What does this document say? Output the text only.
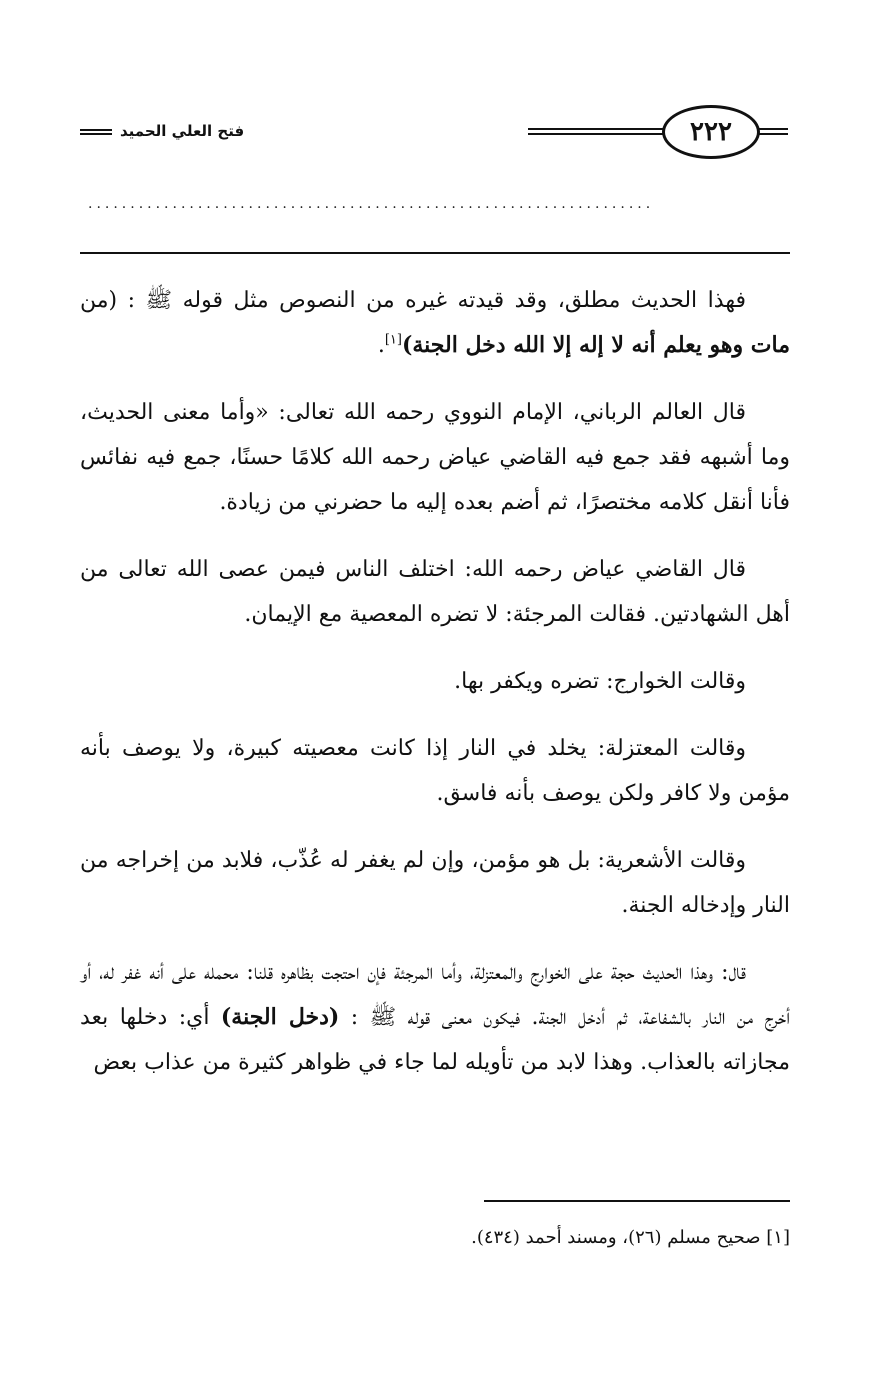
فتح العلي الحميد	٢٢٢
...................................................................

فهذا الحديث مطلق، وقد قيدته غيره من النصوص مثل قوله ﷺ : (من مات وهو يعلم أنه لا إله إلا الله دخل الجنة)[١].

قال العالم الرباني، الإمام النووي رحمه الله تعالى: «وأما معنى الحديث، وما أشبهه فقد جمع فيه القاضي عياض رحمه الله كلامًا حسنًا، جمع فيه نفائس فأنا أنقل كلامه مختصرًا، ثم أضم بعده إليه ما حضرني من زيادة.

قال القاضي عياض رحمه الله: اختلف الناس فيمن عصى الله تعالى من أهل الشهادتين. فقالت المرجئة: لا تضره المعصية مع الإيمان.

وقالت الخوارج: تضره ويكفر بها.

وقالت المعتزلة: يخلد في النار إذا كانت معصيته كبيرة، ولا يوصف بأنه مؤمن ولا كافر ولكن يوصف بأنه فاسق.

وقالت الأشعرية: بل هو مؤمن، وإن لم يغفر له عُذّب، فلابد من إخراجه من النار وإدخاله الجنة.

قال: وهذا الحديث حجة على الخوارج والمعتزلة، وأما المرجئة فإن احتجت بظاهره قلنا: محمله على أنه غفر له، أو أخرج من النار بالشفاعة، ثم أدخل الجنة. فيكون معنى قوله ﷺ : (دخل الجنة) أي: دخلها بعد مجازاته بالعذاب. وهذا لابد من تأويله لما جاء في ظواهر كثيرة من عذاب بعض

[١] صحيح مسلم (٢٦)، ومسند أحمد (٤٣٤).
